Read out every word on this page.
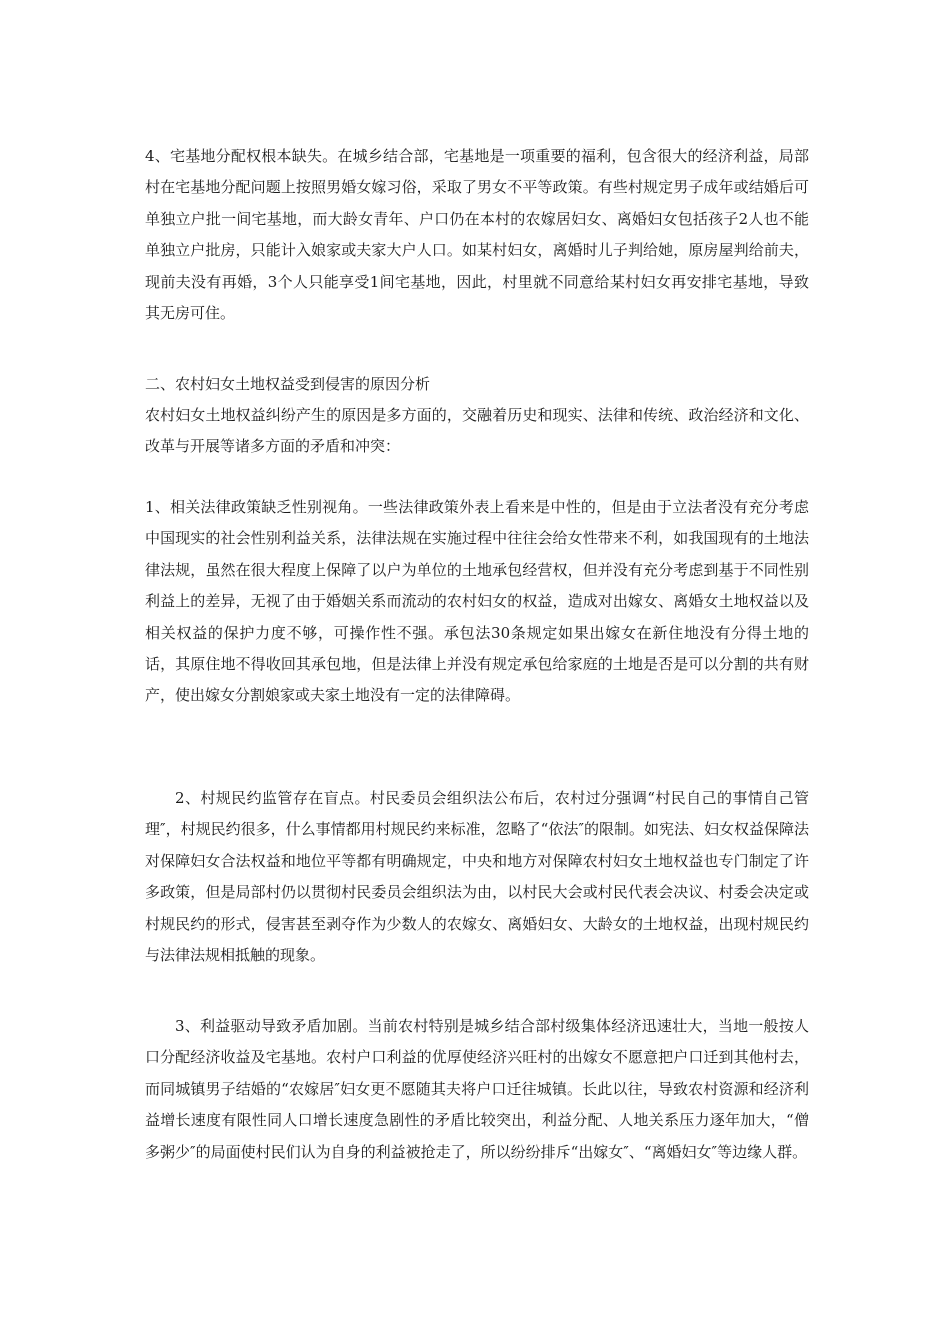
4、宅基地分配权根本缺失。在城乡结合部，宅基地是一项重要的福利，包含很大的经济利益，局部村在宅基地分配问题上按照男婚女嫁习俗，采取了男女不平等政策。有些村规定男子成年或结婚后可单独立户批一间宅基地，而大龄女青年、户口仍在本村的农嫁居妇女、离婚妇女包括孩子2人也不能单独立户批房，只能计入娘家或夫家大户人口。如某村妇女，离婚时儿子判给她，原房屋判给前夫，现前夫没有再婚，3个人只能享受1间宅基地，因此，村里就不同意给某村妇女再安排宅基地，导致其无房可住。

二、农村妇女土地权益受到侵害的原因分析

农村妇女土地权益纠纷产生的原因是多方面的，交融着历史和现实、法律和传统、政治经济和文化、改革与开展等诸多方面的矛盾和冲突：

1、相关法律政策缺乏性别视角。一些法律政策外表上看来是中性的，但是由于立法者没有充分考虑中国现实的社会性别利益关系，法律法规在实施过程中往往会给女性带来不利，如我国现有的土地法律法规，虽然在很大程度上保障了以户为单位的土地承包经营权，但并没有充分考虑到基于不同性别利益上的差异，无视了由于婚姻关系而流动的农村妇女的权益，造成对出嫁女、离婚女土地权益以及相关权益的保护力度不够，可操作性不强。承包法30条规定如果出嫁女在新住地没有分得土地的话，其原住地不得收回其承包地，但是法律上并没有规定承包给家庭的土地是否是可以分割的共有财产，使出嫁女分割娘家或夫家土地没有一定的法律障碍。

2、村规民约监管存在盲点。村民委员会组织法公布后，农村过分强调“村民自己的事情自己管理″，村规民约很多，什么事情都用村规民约来标准，忽略了“依法″的限制。如宪法、妇女权益保障法对保障妇女合法权益和地位平等都有明确规定，中央和地方对保障农村妇女土地权益也专门制定了许多政策，但是局部村仍以贯彻村民委员会组织法为由，以村民大会或村民代表会决议、村委会决定或村规民约的形式，侵害甚至剥夺作为少数人的农嫁女、离婚妇女、大龄女的土地权益，出现村规民约与法律法规相抵触的现象。

3、利益驱动导致矛盾加剧。当前农村特别是城乡结合部村级集体经济迅速壮大，当地一般按人口分配经济收益及宅基地。农村户口利益的优厚使经济兴旺村的出嫁女不愿意把户口迁到其他村去，而同城镇男子结婚的“农嫁居″妇女更不愿随其夫将户口迁往城镇。长此以往，导致农村资源和经济利益增长速度有限性同人口增长速度急剧性的矛盾比较突出，利益分配、人地关系压力逐年加大，“僧多粥少″的局面使村民们认为自身的利益被抢走了，所以纷纷排斥“出嫁女″、“离婚妇女″等边缘人群。
